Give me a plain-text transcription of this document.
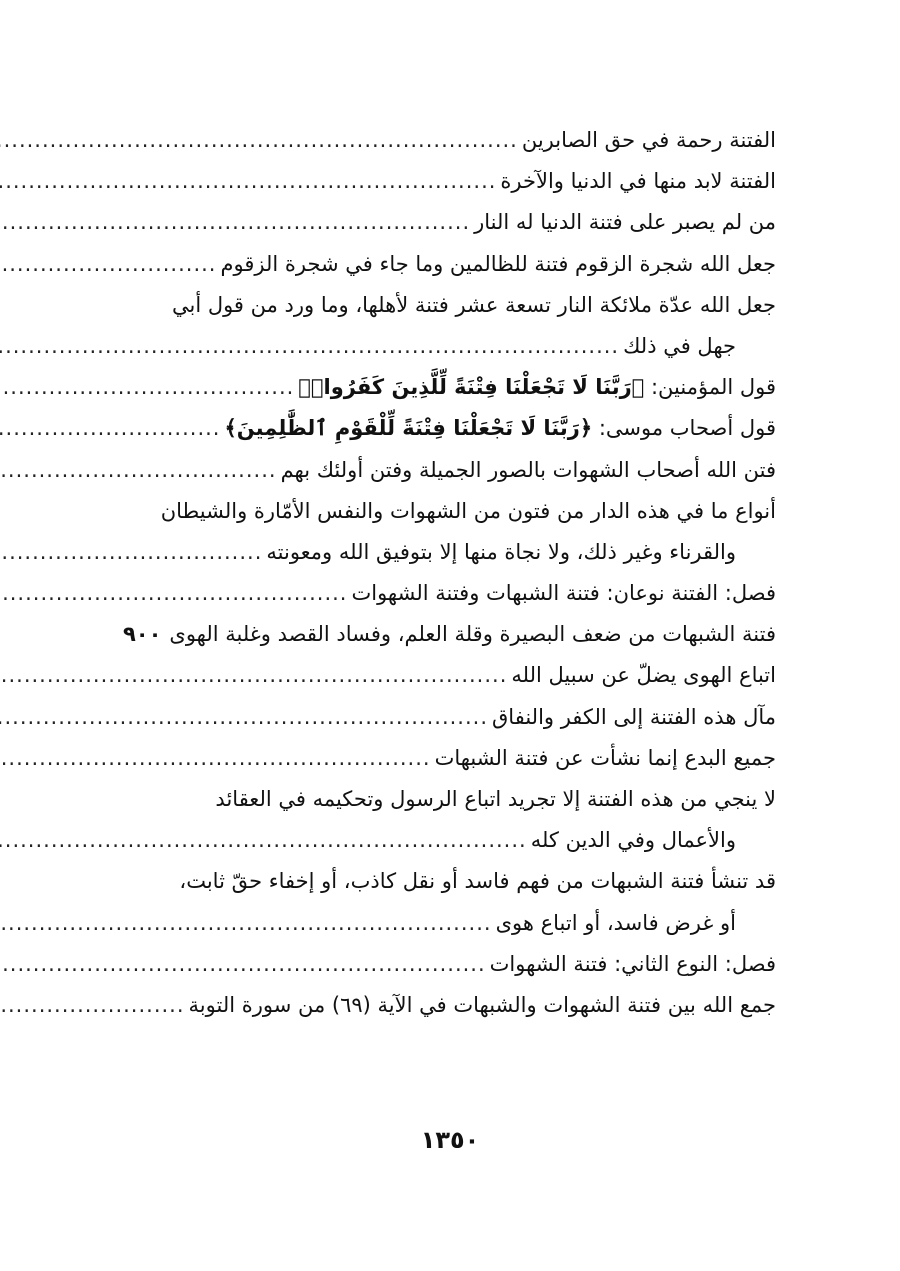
الفتنة رحمة في حق الصابرين
.....
الفتنة لابد منها في الدنيا والآخرة
.....
من لم يصبر على فتنة الدنيا له النار
.....
جعل الله شجرة الزقوم فتنة للظالمين وما جاء في شجرة الزقوم
.....
جعل الله عدّة ملائكة النار تسعة عشر فتنة لأهلها، وما ورد من قول أبي
جهل في ذلك
.....
قول المؤمنين: ﴿رَبَّنَا لَا تَجْعَلْنَا فِتْنَةً لِّلَّذِينَ كَفَرُوا۟﴾
.....
قول أصحاب موسى: ﴿رَبَّنَا لَا تَجْعَلْنَا فِتْنَةً لِّلْقَوْمِ ٱلظَّٰلِمِينَ﴾
.....
فتن الله أصحاب الشهوات بالصور الجميلة وفتن أولئك بهم
.....
أنواع ما في هذه الدار من فتون من الشهوات والنفس الأمّارة والشيطان
والقرناء وغير ذلك، ولا نجاة منها إلا بتوفيق الله ومعونته
.....
فصل: الفتنة نوعان: فتنة الشبهات وفتنة الشهوات
.....
فتنة الشبهات من ضعف البصيرة وقلة العلم، وفساد القصد وغلبة الهوى
٩٠٠
اتباع الهوى يضلّ عن سبيل الله
.....
مآل هذه الفتنة إلى الكفر والنفاق
.....
جميع البدع إنما نشأت عن فتنة الشبهات
.....
لا ينجي من هذه الفتنة إلا تجريد اتباع الرسول وتحكيمه في العقائد
والأعمال وفي الدين كله
.....
قد تنشأ فتنة الشبهات من فهم فاسد أو نقل كاذب، أو إخفاء حقّ ثابت،
أو غرض فاسد، أو اتباع هوى
.....
فصل: النوع الثاني: فتنة الشهوات
.....
جمع الله بين فتنة الشهوات والشبهات في الآية (٦٩) من سورة التوبة
.....
١٣٥٠
